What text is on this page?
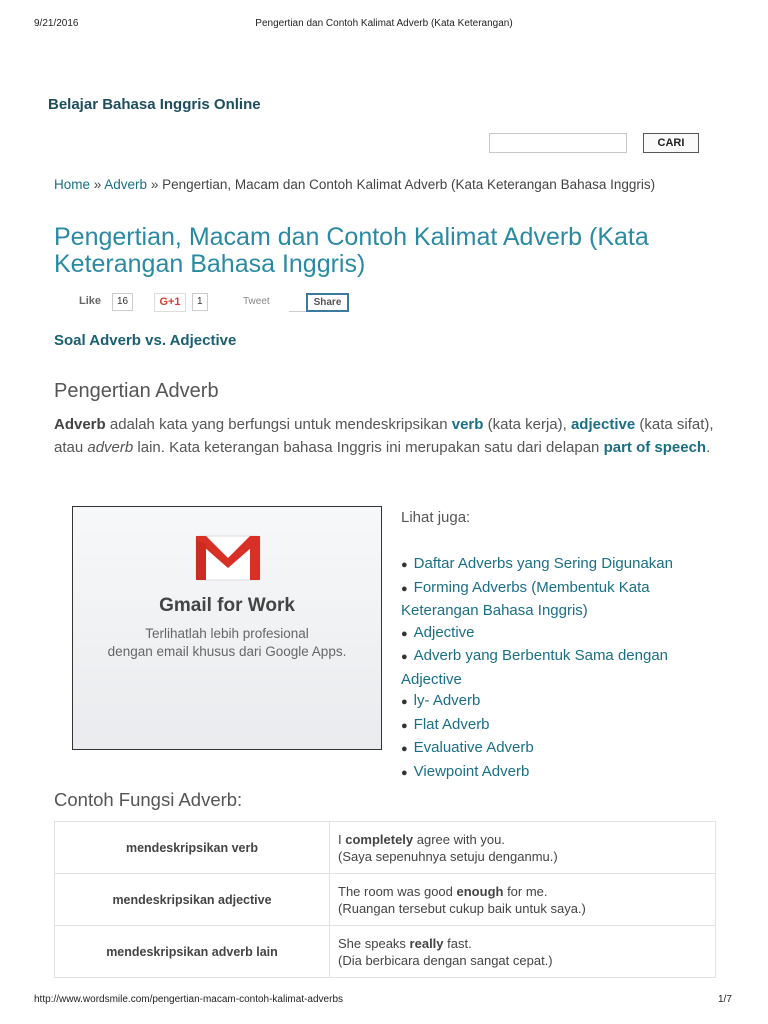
9/21/2016	Pengertian dan Contoh Kalimat Adverb (Kata Keterangan)
Belajar Bahasa Inggris Online
CARI
Home » Adverb » Pengertian, Macam dan Contoh Kalimat Adverb (Kata Keterangan Bahasa Inggris)
Pengertian, Macam dan Contoh Kalimat Adverb (Kata Keterangan Bahasa Inggris)
Like	16	G+1	1	Tweet	Share
Soal Adverb vs. Adjective
Pengertian Adverb

Adverb adalah kata yang berfungsi untuk mendeskripsikan verb (kata kerja), adjective (kata sifat), atau adverb lain. Kata keterangan bahasa Inggris ini merupakan satu dari delapan part of speech.

Gmail for Work
Terlihatlah lebih profesional
dengan email khusus dari Google Apps.
Lihat juga:
● Daftar Adverbs yang Sering Digunakan
● Forming Adverbs (Membentuk Kata Keterangan Bahasa Inggris)
● Adjective
● Adverb yang Berbentuk Sama dengan Adjective
● ly- Adverb
● Flat Adverb
● Evaluative Adverb
● Viewpoint Adverb
Contoh Fungsi Adverb:
mendeskripsikan verb	I completely agree with you.
(Saya sepenuhnya setuju denganmu.)

mendeskripsikan adjective	The room was good enough for me.
(Ruangan tersebut cukup baik untuk saya.)

mendeskripsikan adverb lain	She speaks really fast.
(Dia berbicara dengan sangat cepat.)
http://www.wordsmile.com/pengertian-macam-contoh-kalimat-adverbs	1/7
